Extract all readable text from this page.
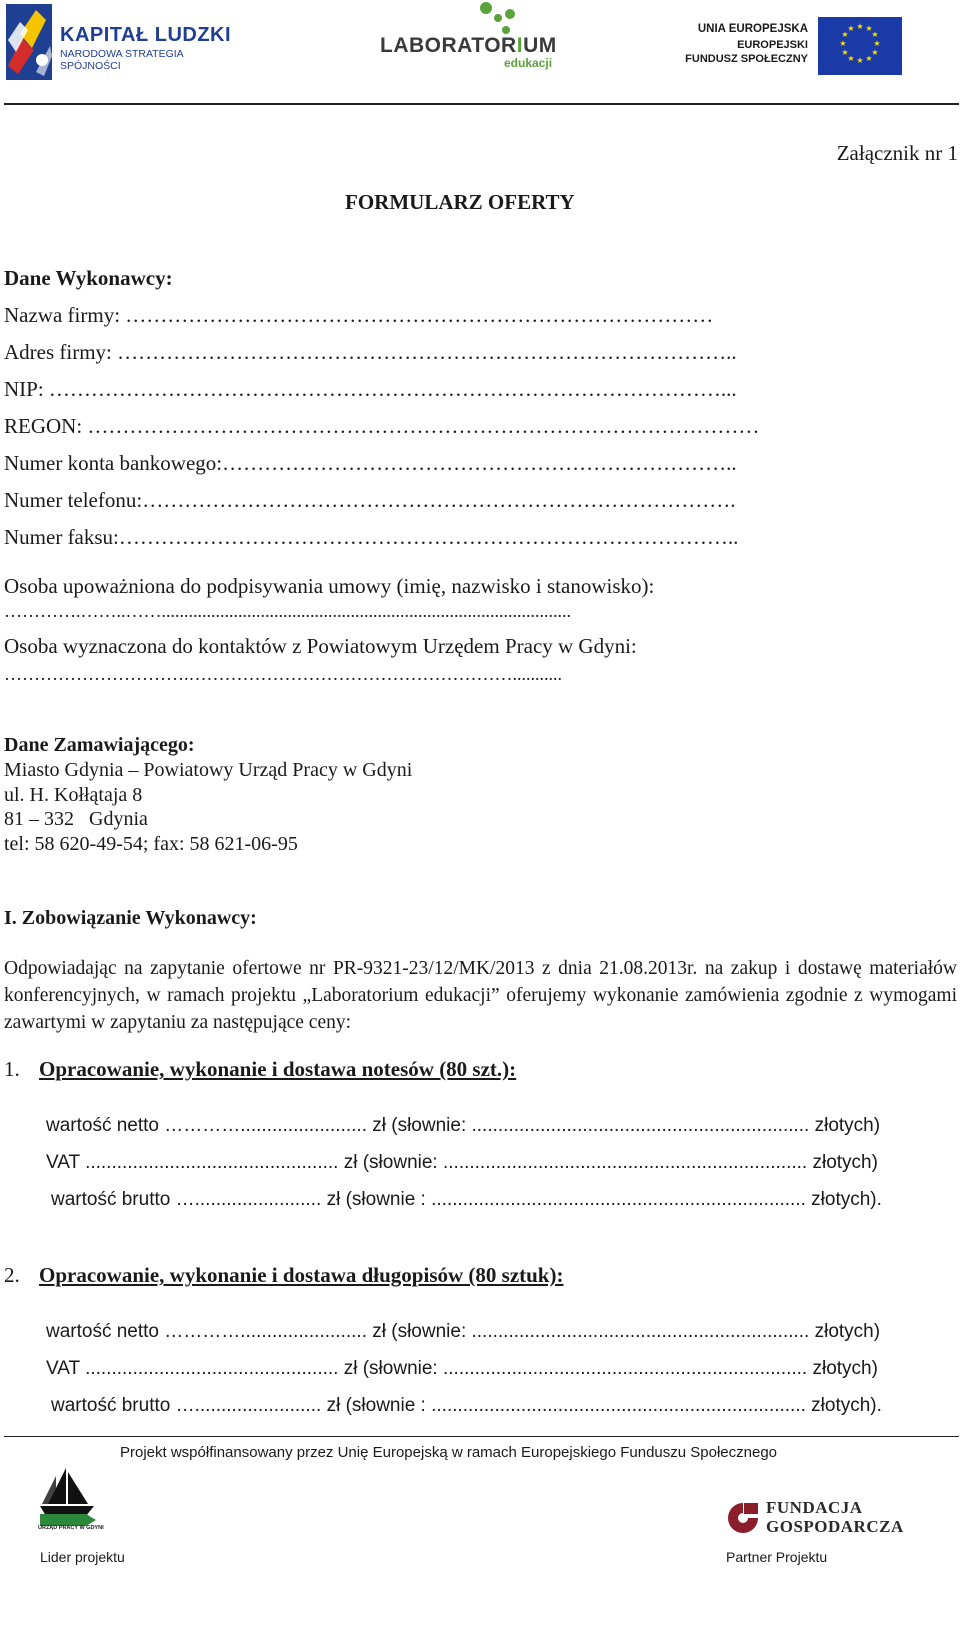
KAPITAŁ LUDZKI
NARODOWA STRATEGIA SPÓJNOŚCI
LABORATORIUM
edukacji
UNIA EUROPEJSKA
EUROPEJSKI
FUNDUSZ SPOŁECZNY
★ ★
★
★
★
★
★
★
★
★
★
★
Załącznik nr 1
FORMULARZ OFERTY
Dane Wykonawcy:
Nazwa firmy: …………………………………………………………………………
Adres firmy: ……………………………………………………………………………..
NIP: ……………………………………………………………………………………...
REGON: ……………………………………………………………………………………
Numer konta bankowego:………………………………………………………………..
Numer telefonu:………………………………………………………………………….
Numer faksu:……………………………………………………………………………..
Osoba upoważniona do podpisywania umowy (imię, nazwisko i stanowisko):
………….……..……...........................................................................................
Osoba wyznaczona do kontaktów z Powiatowym Urzędem Pracy w Gdyni:
………………………….………………………………………………...........
Dane Zamawiającego:
Miasto Gdynia – Powiatowy Urząd Pracy w Gdyni
ul. H. Kołłątaja 8
81 – 332   Gdynia
tel: 58 620-49-54; fax: 58 621-06-95
I. Zobowiązanie Wykonawcy:
Odpowiadając na zapytanie ofertowe nr PR-9321-23/12/MK/2013 z dnia 21.08.2013r. na zakup i dostawę materiałów konferencyjnych, w ramach projektu „Laboratorium edukacji” oferujemy wykonanie zamówienia zgodnie z wymogami zawartymi w zapytaniu za następujące ceny:
1. Opracowanie, wykonanie i dostawa notesów (80 szt.):
wartość netto …………........................ zł (słownie: ................................................................ złotych)
VAT ................................................ zł (słownie: ..................................................................... złotych)
wartość brutto …........................ zł (słownie : ....................................................................... złotych).
2. Opracowanie, wykonanie i dostawa długopisów (80 sztuk):
wartość netto …………........................ zł (słownie: ................................................................ złotych)
VAT ................................................ zł (słownie: ..................................................................... złotych)
wartość brutto …........................ zł (słownie : ....................................................................... złotych).
Projekt współfinansowany przez Unię Europejską w ramach Europejskiego Funduszu Społecznego
URZĄD PRACY W GDYNI
Lider projektu
FUNDACJA
GOSPODARCZA
Partner Projektu
